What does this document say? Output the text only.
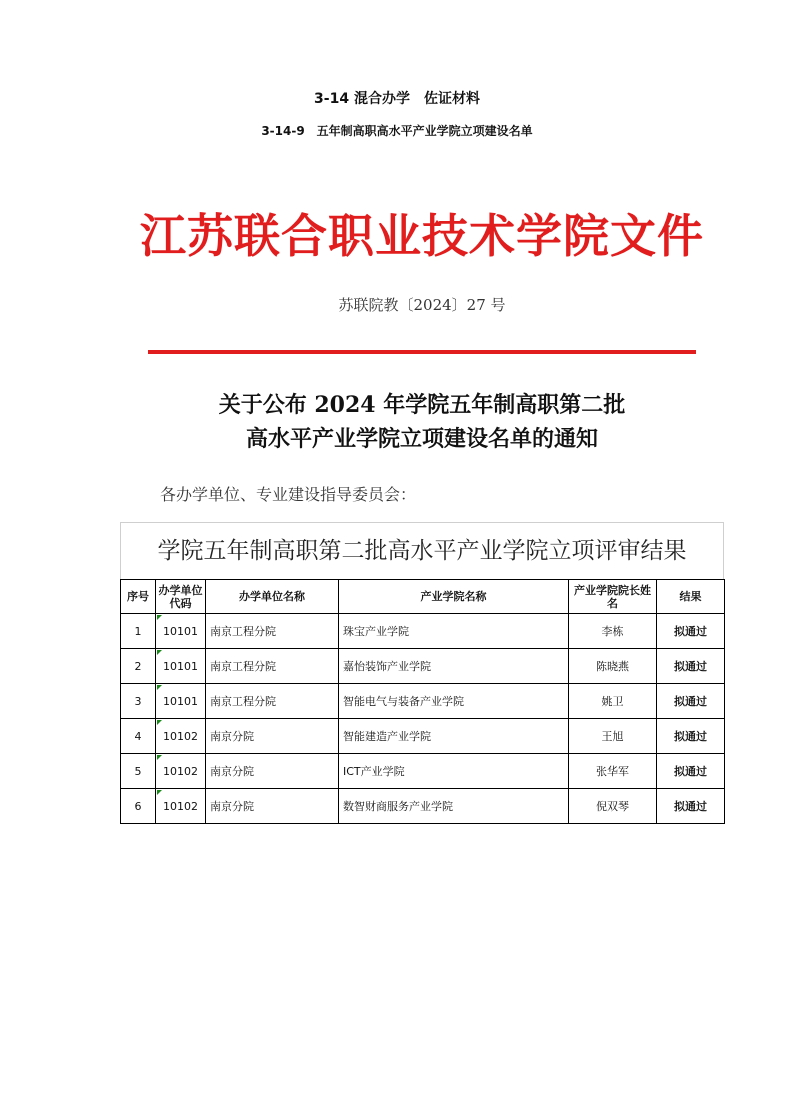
3-14 混合办学　佐证材料
3-14-9　五年制高职高水平产业学院立项建设名单
江苏联合职业技术学院文件
苏联院教〔2024〕27 号
关于公布 2024 年学院五年制高职第二批
高水平产业学院立项建设名单的通知
各办学单位、专业建设指导委员会：
学院五年制高职第二批高水平产业学院立项评审结果
序号	办学单位代码	办学单位名称	产业学院名称	产业学院院长姓名	结果
1	10101	南京工程分院	珠宝产业学院	李栋	拟通过
2	10101	南京工程分院	嘉怡装饰产业学院	陈晓燕	拟通过
3	10101	南京工程分院	智能电气与装备产业学院	姚卫	拟通过
4	10102	南京分院	智能建造产业学院	王旭	拟通过
5	10102	南京分院	ICT产业学院	张华军	拟通过
6	10102	南京分院	数智财商服务产业学院	倪双琴	拟通过
